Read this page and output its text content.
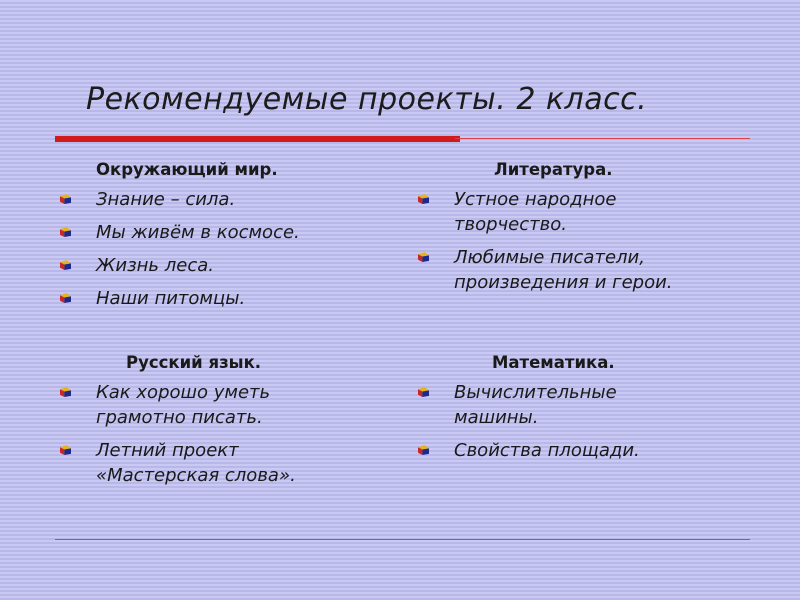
Рекомендуемые проекты. 2 класс.
Окружающий мир.
Знание – сила.
Мы живём в космосе.
Жизнь леса.
Наши питомцы.
Литература.
Устное народное
творчество.
Любимые писатели,
произведения и герои.
Русский язык.
Как хорошо уметь
грамотно писать.
Летний проект
«Мастерская слова».
Математика.
Вычислительные
машины.
Свойства площади.
